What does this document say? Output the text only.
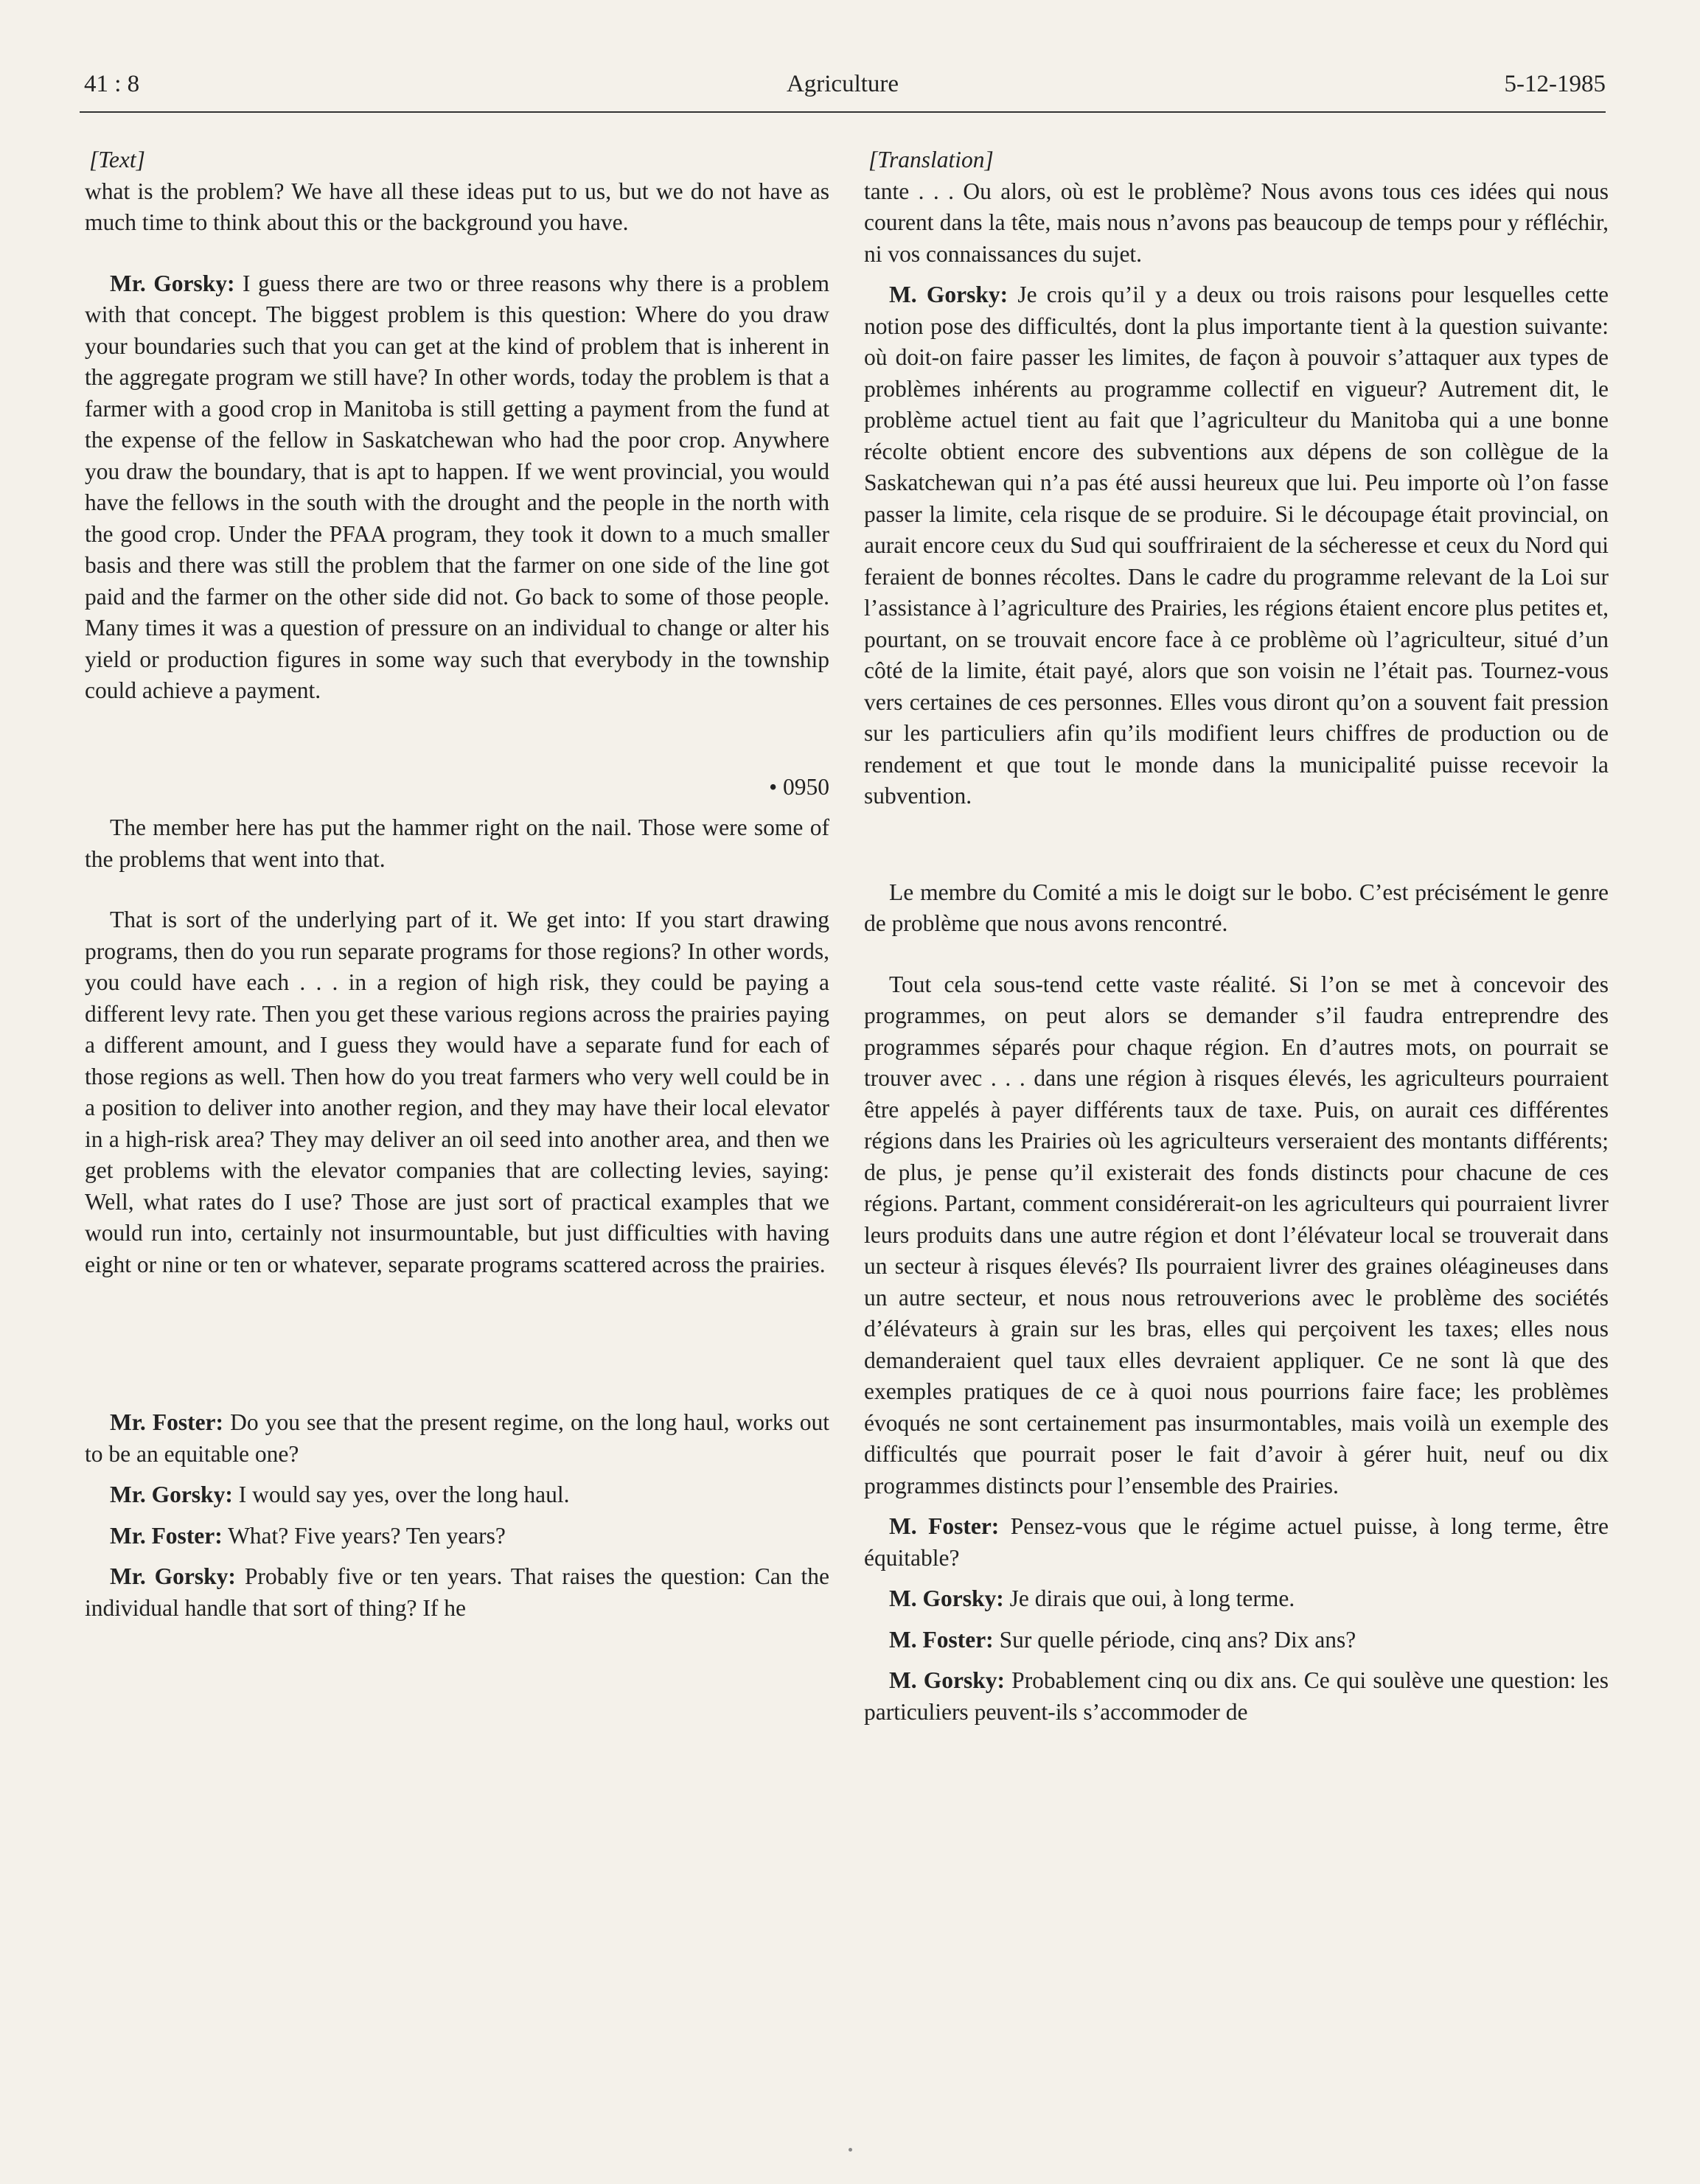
41 : 8	Agriculture	5-12-1985
[Text]

what is the problem? We have all these ideas put to us, but we do not have as much time to think about this or the background you have.

Mr. Gorsky: I guess there are two or three reasons why there is a problem with that concept. The biggest problem is this question: Where do you draw your boundaries such that you can get at the kind of problem that is inherent in the aggregate program we still have? In other words, today the problem is that a farmer with a good crop in Manitoba is still getting a payment from the fund at the expense of the fellow in Saskatchewan who had the poor crop. Anywhere you draw the boundary, that is apt to happen. If we went provincial, you would have the fellows in the south with the drought and the people in the north with the good crop. Under the PFAA program, they took it down to a much smaller basis and there was still the problem that the farmer on one side of the line got paid and the farmer on the other side did not. Go back to some of those people. Many times it was a question of pressure on an individual to change or alter his yield or production figures in some way such that everybody in the township could achieve a payment.

• 0950

The member here has put the hammer right on the nail. Those were some of the problems that went into that.

That is sort of the underlying part of it. We get into: If you start drawing programs, then do you run separate programs for those regions? In other words, you could have each . . . in a region of high risk, they could be paying a different levy rate. Then you get these various regions across the prairies paying a different amount, and I guess they would have a separate fund for each of those regions as well. Then how do you treat farmers who very well could be in a position to deliver into another region, and they may have their local elevator in a high-risk area? They may deliver an oil seed into another area, and then we get problems with the elevator companies that are collecting levies, saying: Well, what rates do I use? Those are just sort of practical examples that we would run into, certainly not insurmountable, but just difficulties with having eight or nine or ten or whatever, separate programs scattered across the prairies.

Mr. Foster: Do you see that the present regime, on the long haul, works out to be an equitable one?

Mr. Gorsky: I would say yes, over the long haul.

Mr. Foster: What? Five years? Ten years?

Mr. Gorsky: Probably five or ten years. That raises the question: Can the individual handle that sort of thing? If he

[Translation]

tante . . . Ou alors, où est le problème? Nous avons tous ces idées qui nous courent dans la tête, mais nous n’avons pas beaucoup de temps pour y réfléchir, ni vos connaissances du sujet.

M. Gorsky: Je crois qu’il y a deux ou trois raisons pour lesquelles cette notion pose des difficultés, dont la plus importante tient à la question suivante: où doit-on faire passer les limites, de façon à pouvoir s’attaquer aux types de problèmes inhérents au programme collectif en vigueur? Autrement dit, le problème actuel tient au fait que l’agriculteur du Manitoba qui a une bonne récolte obtient encore des subventions aux dépens de son collègue de la Saskatchewan qui n’a pas été aussi heureux que lui. Peu importe où l’on fasse passer la limite, cela risque de se produire. Si le découpage était provincial, on aurait encore ceux du Sud qui souffriraient de la sécheresse et ceux du Nord qui feraient de bonnes récoltes. Dans le cadre du programme relevant de la Loi sur l’assistance à l’agriculture des Prairies, les régions étaient encore plus petites et, pourtant, on se trouvait encore face à ce problème où l’agriculteur, situé d’un côté de la limite, était payé, alors que son voisin ne l’était pas. Tournez-vous vers certaines de ces personnes. Elles vous diront qu’on a souvent fait pression sur les particuliers afin qu’ils modifient leurs chiffres de production ou de rendement et que tout le monde dans la municipalité puisse recevoir la subvention.

Le membre du Comité a mis le doigt sur le bobo. C’est précisément le genre de problème que nous avons rencontré.

Tout cela sous-tend cette vaste réalité. Si l’on se met à concevoir des programmes, on peut alors se demander s’il faudra entreprendre des programmes séparés pour chaque région. En d’autres mots, on pourrait se trouver avec . . . dans une région à risques élevés, les agriculteurs pourraient être appelés à payer différents taux de taxe. Puis, on aurait ces différentes régions dans les Prairies où les agriculteurs verseraient des montants différents; de plus, je pense qu’il existerait des fonds distincts pour chacune de ces régions. Partant, comment considérerait-on les agriculteurs qui pourraient livrer leurs produits dans une autre région et dont l’élévateur local se trouverait dans un secteur à risques élevés? Ils pourraient livrer des graines oléagineuses dans un autre secteur, et nous nous retrouverions avec le problème des sociétés d’élévateurs à grain sur les bras, elles qui perçoivent les taxes; elles nous demanderaient quel taux elles devraient appliquer. Ce ne sont là que des exemples pratiques de ce à quoi nous pourrions faire face; les problèmes évoqués ne sont certainement pas insurmontables, mais voilà un exemple des difficultés que pourrait poser le fait d’avoir à gérer huit, neuf ou dix programmes distincts pour l’ensemble des Prairies.

M. Foster: Pensez-vous que le régime actuel puisse, à long terme, être équitable?

M. Gorsky: Je dirais que oui, à long terme.

M. Foster: Sur quelle période, cinq ans? Dix ans?

M. Gorsky: Probablement cinq ou dix ans. Ce qui soulève une question: les particuliers peuvent-ils s’accommoder de
